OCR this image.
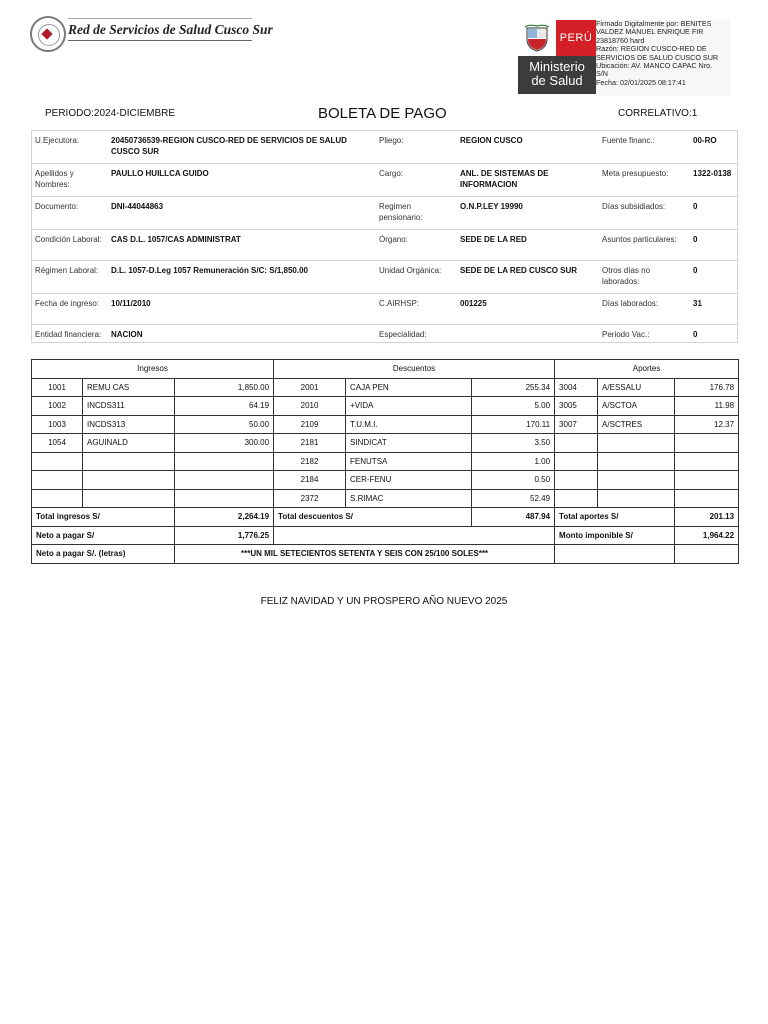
Red de Servicios de Salud Cusco Sur
PERÚ
Ministerio
de Salud
Firmado Digitalmente por: BENITES
VALDEZ MANUEL ENRIQUE FIR
23818760 hard
Razón: REGION CUSCO-RED DE
SERVICIOS DE SALUD CUSCO SUR
Ubicación: AV. MANCO CAPAC Nro.
S/N
Fecha: 02/01/2025 08:17:41
PERIODO:2024-DICIEMBRE	BOLETA DE PAGO	CORRELATIVO:1
U.Ejecutora:	20450736539-REGION CUSCO-RED DE SERVICIOS DE SALUD CUSCO SUR	Pliego:	REGION CUSCO	Fuente financ.:	00-RO
Apellidos y Nombres:	PAULLO HUILLCA GUIDO	Cargo:	ANL. DE SISTEMAS DE INFORMACION	Meta presupuesto:	1322-0138
Documento:	DNI-44044863	Regimen pensionario:	O.N.P.LEY 19990	Días subsidiados:	0
Condición Laboral:	CAS D.L. 1057/CAS ADMINISTRAT	Órgano:	SEDE DE LA RED	Asuntos particulares:	0
Régimen Laboral:	D.L. 1057-D.Leg 1057 Remuneración S/C: S/1,850.00	Unidad Orgánica:	SEDE DE LA RED CUSCO SUR	Otros días no laborados:	0
Fecha de ingreso:	10/11/2010	C.AIRHSP:	001225	Días laborados:	31
Entidad financiera:	NACION	Especialidad:		Periodo Vac.:	0
Ingresos			Descuentos			Aportes		
1001	REMU CAS	1,850.00	2001	CAJA PEN	255.34	3004	A/ESSALU	176.78
1002	INCDS311	64.19	2010	+VIDA	5.00	3005	A/SCTOA	11.98
1003	INCDS313	50.00	2109	T.U.M.I.	170.11	3007	A/SCTRES	12.37
1054	AGUINALD	300.00	2181	SINDICAT	3.50			
			2182	FENUTSA	1.00			
			2184	CER-FENU	0.50			
			2372	S.RIMAC	52.49			
Total ingresos S/		2,264.19	Total descuentos S/		487.94	Total aportes S/		201.13
Neto a pagar S/		1,776.25				Monto imponible S/		1,964.22
Neto a pagar S/. (letras)		***UN MIL SETECIENTOS SETENTA Y SEIS CON 25/100 SOLES***						
FELIZ NAVIDAD Y UN PROSPERO AÑO NUEVO 2025
